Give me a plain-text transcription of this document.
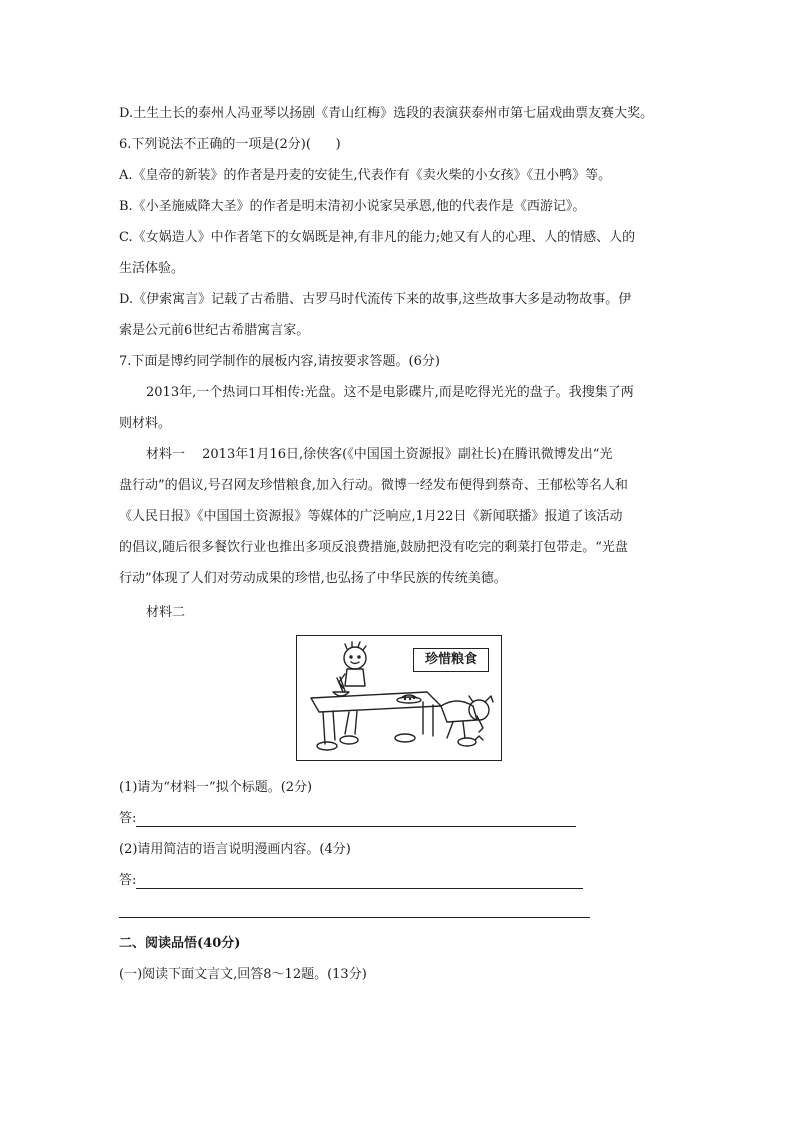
D.土生土长的泰州人冯亚琴以扬剧《青山红梅》选段的表演获泰州市第七届戏曲票友赛大奖。
6.下列说法不正确的一项是(2分)(      )
A.《皇帝的新装》的作者是丹麦的安徒生,代表作有《卖火柴的小女孩》《丑小鸭》等。
B.《小圣施威降大圣》的作者是明末清初小说家吴承恩,他的代表作是《西游记》。
C.《女娲造人》中作者笔下的女娲既是神,有非凡的能力;她又有人的心理、人的情感、人的
生活体验。
D.《伊索寓言》记载了古希腊、古罗马时代流传下来的故事,这些故事大多是动物故事。伊
索是公元前6世纪古希腊寓言家。
7.下面是博约同学制作的展板内容,请按要求答题。(6分)
2013年,一个热词口耳相传:光盘。这不是电影碟片,而是吃得光光的盘子。我搜集了两
则材料。
材料一　 2013年1月16日,徐侠客(《中国国土资源报》副社长)在腾讯微博发出“光
盘行动”的倡议,号召网友珍惜粮食,加入行动。微博一经发布便得到蔡奇、王郁松等名人和
《人民日报》《中国国土资源报》等媒体的广泛响应,1月22日《新闻联播》报道了该活动
的倡议,随后很多餐饮行业也推出多项反浪费措施,鼓励把没有吃完的剩菜打包带走。“光盘
行动”体现了人们对劳动成果的珍惜,也弘扬了中华民族的传统美德。
材料二
珍惜粮食
(1)请为“材料一”拟个标题。(2分)
答:
(2)请用简洁的语言说明漫画内容。(4分)
答:
二、阅读品悟(40分)
(一)阅读下面文言文,回答8～12题。(13分)
